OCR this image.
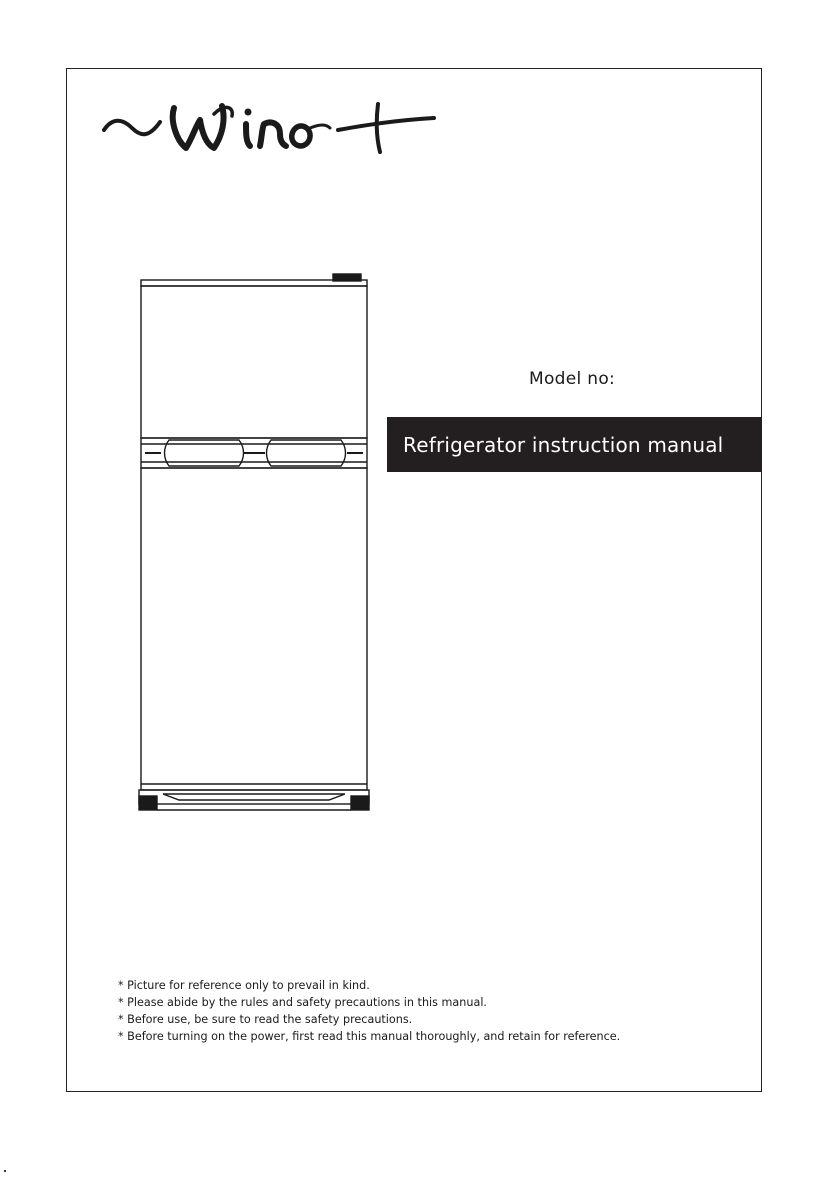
Model no:
Refrigerator instruction manual
* Picture for reference only to prevail in kind.
* Please abide by the rules and safety precautions in this manual.
* Before use, be sure to read the safety precautions.
* Before turning on the power, first read this manual thoroughly, and retain for reference.
